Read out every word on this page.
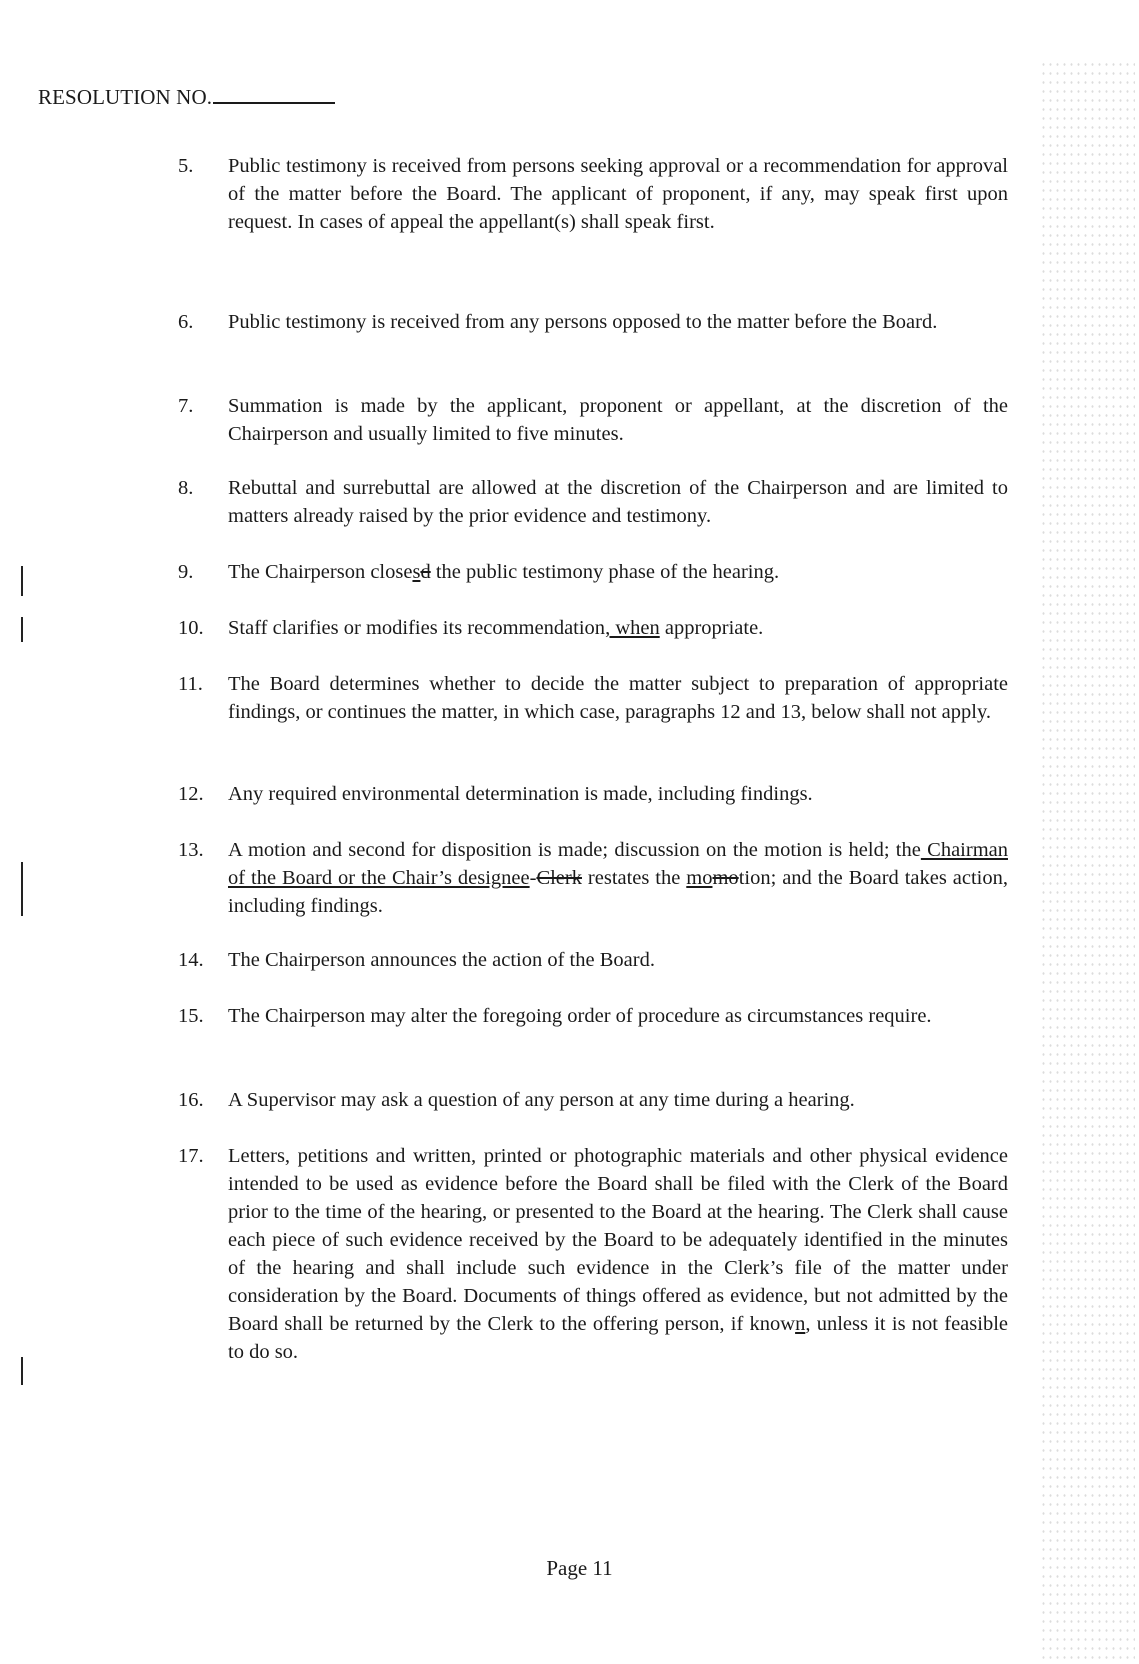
RESOLUTION NO.
5.	Public testimony is received from persons seeking approval or a recommendation for approval of the matter before the Board. The applicant of proponent, if any, may speak first upon request. In cases of appeal the appellant(s) shall speak first.
6.	Public testimony is received from any persons opposed to the matter before the Board.
7.	Summation is made by the applicant, proponent or appellant, at the discretion of the Chairperson and usually limited to five minutes.
8.	Rebuttal and surrebuttal are allowed at the discretion of the Chairperson and are limited to matters already raised by the prior evidence and testimony.
9.	The Chairperson closesd the public testimony phase of the hearing.
10.	Staff clarifies or modifies its recommendation, when appropriate.
11.	The Board determines whether to decide the matter subject to preparation of appropriate findings, or continues the matter, in which case, paragraphs 12 and 13, below shall not apply.
12.	Any required environmental determination is made, including findings.
13.	A motion and second for disposition is made; discussion on the motion is held; the Chairman of the Board or the Chair’s designee-Clerk restates the momotion; and the Board takes action, including findings.
14.	The Chairperson announces the action of the Board.
15.	The Chairperson may alter the foregoing order of procedure as circumstances require.
16.	A Supervisor may ask a question of any person at any time during a hearing.
17.	Letters, petitions and written, printed or photographic materials and other physical evidence intended to be used as evidence before the Board shall be filed with the Clerk of the Board prior to the time of the hearing, or presented to the Board at the hearing. The Clerk shall cause each piece of such evidence received by the Board to be adequately identified in the minutes of the hearing and shall include such evidence in the Clerk’s file of the matter under consideration by the Board. Documents of things offered as evidence, but not admitted by the Board shall be returned by the Clerk to the offering person, if known, unless it is not feasible to do so.
Page 11
